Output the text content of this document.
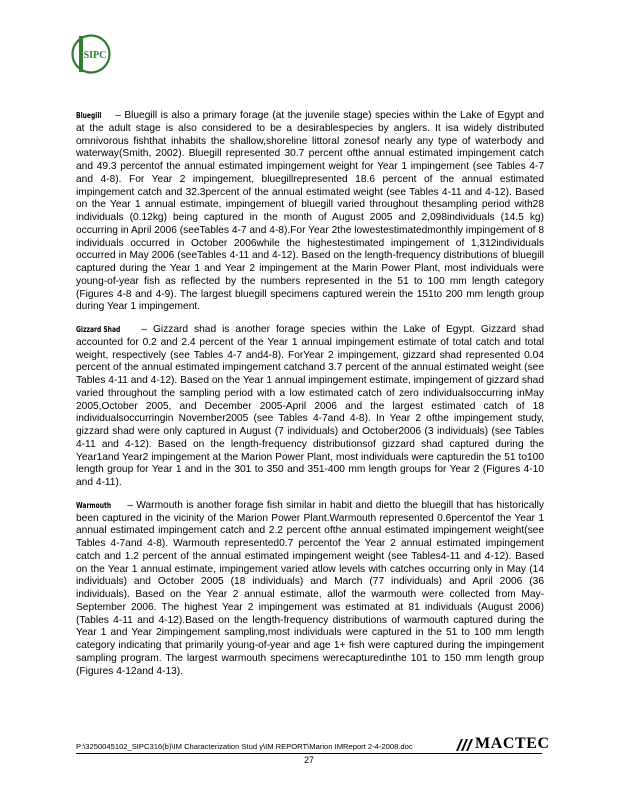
SIPC

Bluegill – Bluegill is also a primary forage (at the juvenile stage) species within the Lake of Egypt and at the adult stage is also considered to be a desirablespecies by anglers. It isa widely distributed omnivorous fishthat inhabits the shallow,shoreline littoral zonesof nearly any type of waterbody and waterway(Smith, 2002). Bluegill represented 30.7 percent ofthe annual estimated impingement catch and 49.3 percentof the annual estimated impingement weight for Year 1 impingement (see Tables 4-7 and 4-8). For Year 2 impingement, bluegillrepresented 18.6 percent of the annual estimated impingement catch and 32.3percent of the annual estimated weight (see Tables 4-11 and 4-12). Based on the Year 1 annual estimate, impingement of bluegill varied throughout thesampling period with28 individuals (0.12kg) being captured in the month of August 2005 and 2,098individuals (14.5 kg) occurring in April 2006 (seeTables 4-7 and 4-8).For Year 2the lowestestimatedmonthly impingement of 8 individuals occurred in October 2006while the highestestimated impingement of 1,312individuals occurred in May 2006 (seeTables 4-11 and 4-12). Based on the length-frequency distributions of bluegill captured during the Year 1 and Year 2 impingement at the Marin Power Plant, most individuals were young-of-year fish as reflected by the numbers represented in the 51 to 100 mm length category (Figures 4-8 and 4-9). The largest bluegill specimens captured werein the 151to 200 mm length group during Year 1 impingement.

Gizzard Shad – Gizzard shad is another forage species within the Lake of Egypt. Gizzard shad accounted for 0.2 and 2.4 percent of the Year 1 annual impingement estimate of total catch and total weight, respectively (see Tables 4-7 and4-8). ForYear 2 impingement, gizzard shad represented 0.04 percent of the annual estimated impingement catchand 3.7 percent of the annual estimated weight (see Tables 4-11 and 4-12). Based on the Year 1 annual impingement estimate, impingement of gizzard shad varied throughout the sampling period with a low estimated catch of zero individualsoccurring inMay 2005,October 2005, and December 2005-April 2006 and the largest estimated catch of 18 individualsoccurringin November2005 (see Tables 4-7and 4-8). In Year 2 ofthe impingement study, gizzard shad were only captured in August (7 individuals) and October2006 (3 individuals) (see Tables 4-11 and 4-12). Based on the length-frequency distributionsof gizzard shad captured during the Year1and Year2 impingement at the Marion Power Plant, most individuals were capturedin the 51 to100 length group for Year 1 and in the 301 to 350 and 351-400 mm length groups for Year 2 (Figures 4-10 and 4-11).

Warmouth – Warmouth is another forage fish similar in habit and dietto the bluegill that has historically been captured in the vicinity of the Marion Power Plant.Warmouth represented 0.6percentof the Year 1 annual estimated impingement catch and 2.2 percent ofthe annual estimated impingement weight(see Tables 4-7and 4-8). Warmouth represented0.7 percentof the Year 2 annual estimated impingement catch and 1.2 percent of the annual estimated impingement weight (see Tables4-11 and 4-12). Based on the Year 1 annual estimate, impingement varied atlow levels with catches occurring only in May (14 individuals) and October 2005 (18 individuals) and March (77 individuals) and April 2006 (36 individuals). Based on the Year 2 annual estimate, allof the warmouth were collected from May-September 2006. The highest Year 2 impingement was estimated at 81 individuals (August 2006) (Tables 4-11 and 4-12).Based on the length-frequency distributions of warmouth captured during the Year 1 and Year 2impingement sampling,most individuals were captured in the 51 to 100 mm length category indicating that primarily young-of-year and age 1+ fish were captured during the impingement sampling program. The largest warmouth specimens werecapturedinthe 101 to 150 mm length group (Figures 4-12and 4-13).

P:\3250045102_SIPC316(b)\IM Characterization Stud y\IM REPORT\Marion IMReport 2-4-2008.doc
27
MACTEC
